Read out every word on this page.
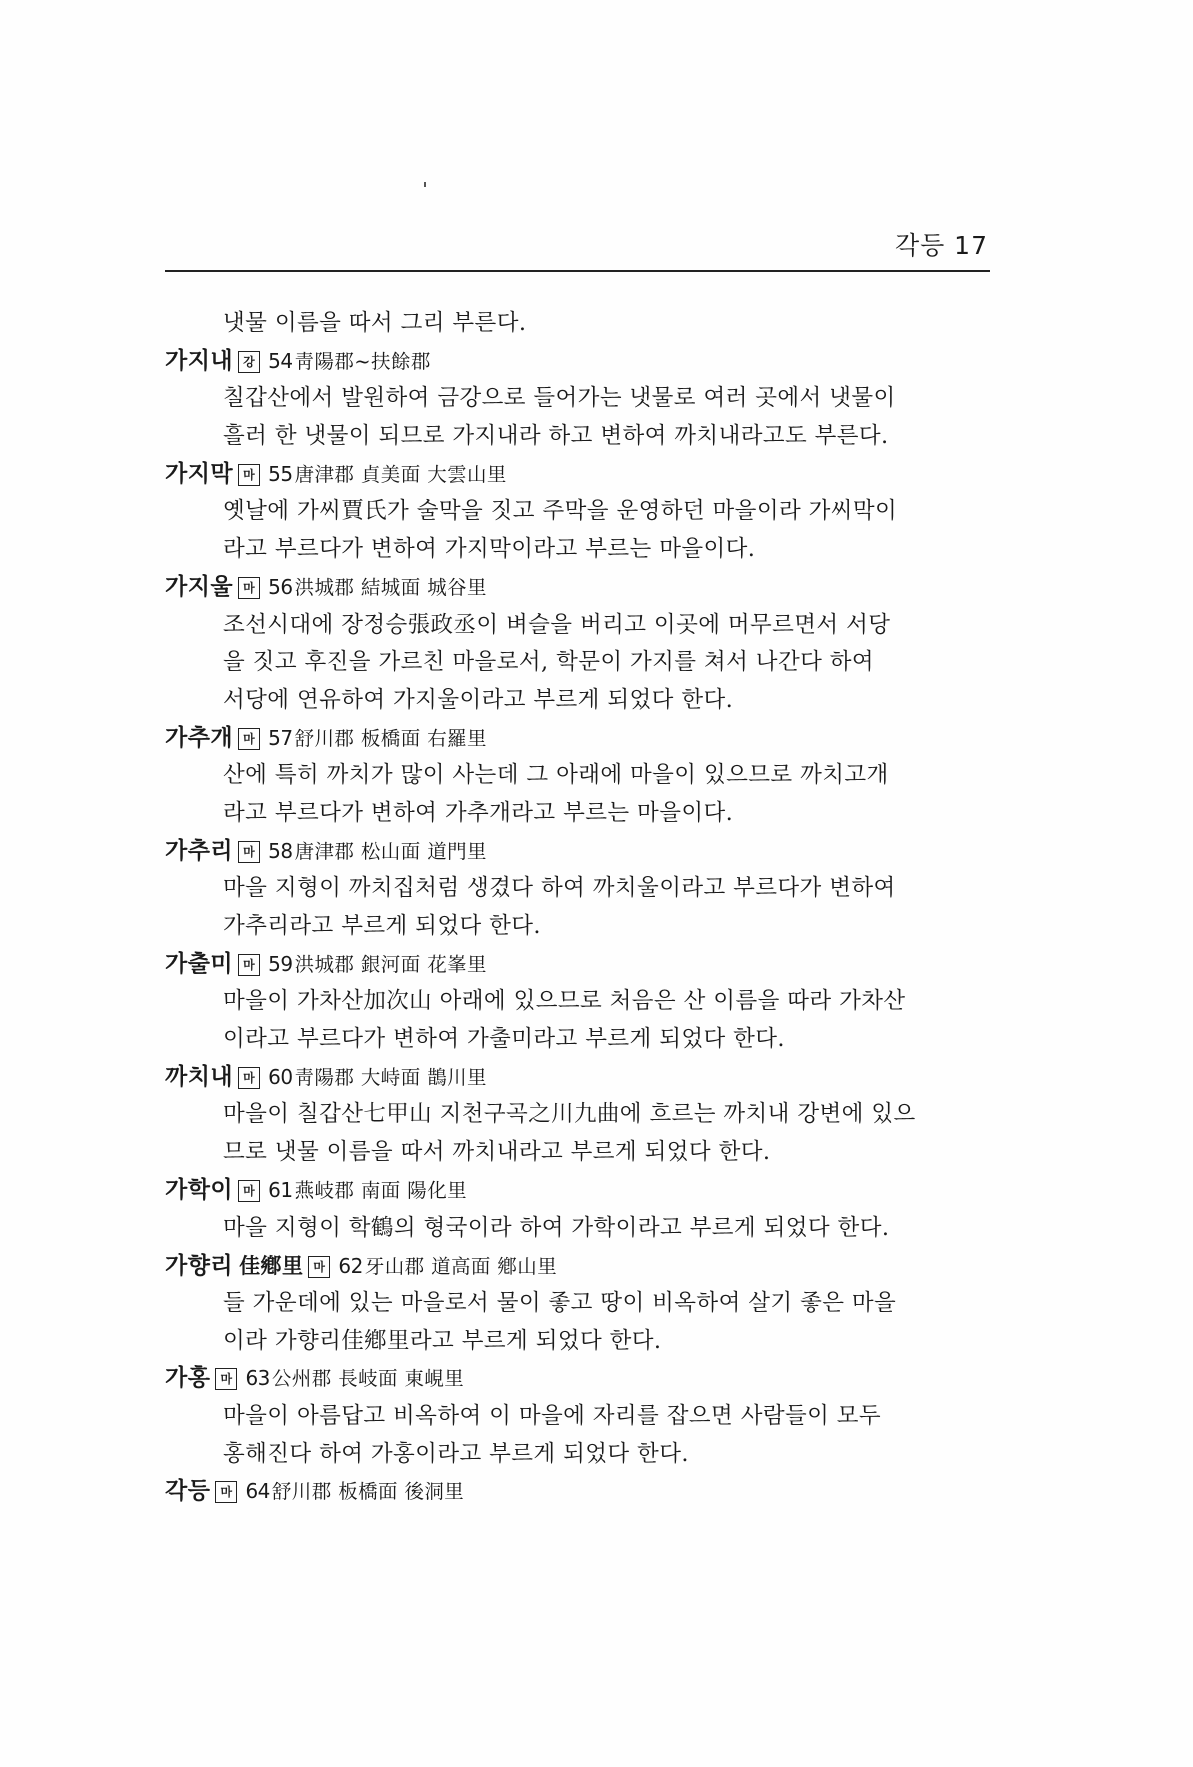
각등 17
냇물 이름을 따서 그리 부른다.
가지내 강 54 靑陽郡~扶餘郡
칠갑산에서 발원하여 금강으로 들어가는 냇물로 여러 곳에서 냇물이
흘러 한 냇물이 되므로 가지내라 하고 변하여 까치내라고도 부른다.
가지막 마 55 唐津郡 貞美面 大雲山里
옛날에 가씨賈氏가 술막을 짓고 주막을 운영하던 마을이라 가씨막이
라고 부르다가 변하여 가지막이라고 부르는 마을이다.
가지울 마 56 洪城郡 結城面 城谷里
조선시대에 장정승張政丞이 벼슬을 버리고 이곳에 머무르면서 서당
을 짓고 후진을 가르친 마을로서, 학문이 가지를 쳐서 나간다 하여
서당에 연유하여 가지울이라고 부르게 되었다 한다.
가추개 마 57 舒川郡 板橋面 右羅里
산에 특히 까치가 많이 사는데 그 아래에 마을이 있으므로 까치고개
라고 부르다가 변하여 가추개라고 부르는 마을이다.
가추리 마 58 唐津郡 松山面 道門里
마을 지형이 까치집처럼 생겼다 하여 까치울이라고 부르다가 변하여
가추리라고 부르게 되었다 한다.
가출미 마 59 洪城郡 銀河面 花峯里
마을이 가차산加次山 아래에 있으므로 처음은 산 이름을 따라 가차산
이라고 부르다가 변하여 가출미라고 부르게 되었다 한다.
까치내 마 60 靑陽郡 大峙面 鵲川里
마을이 칠갑산七甲山 지천구곡之川九曲에 흐르는 까치내 강변에 있으
므로 냇물 이름을 따서 까치내라고 부르게 되었다 한다.
가학이 마 61 燕岐郡 南面 陽化里
마을 지형이 학鶴의 형국이라 하여 가학이라고 부르게 되었다 한다.
가향리 佳鄕里 마 62 牙山郡 道高面 鄕山里
들 가운데에 있는 마을로서 물이 좋고 땅이 비옥하여 살기 좋은 마을
이라 가향리佳鄕里라고 부르게 되었다 한다.
가홍 마 63 公州郡 長岐面 東峴里
마을이 아름답고 비옥하여 이 마을에 자리를 잡으면 사람들이 모두
홍해진다 하여 가홍이라고 부르게 되었다 한다.
각등 마 64 舒川郡 板橋面 後洞里
